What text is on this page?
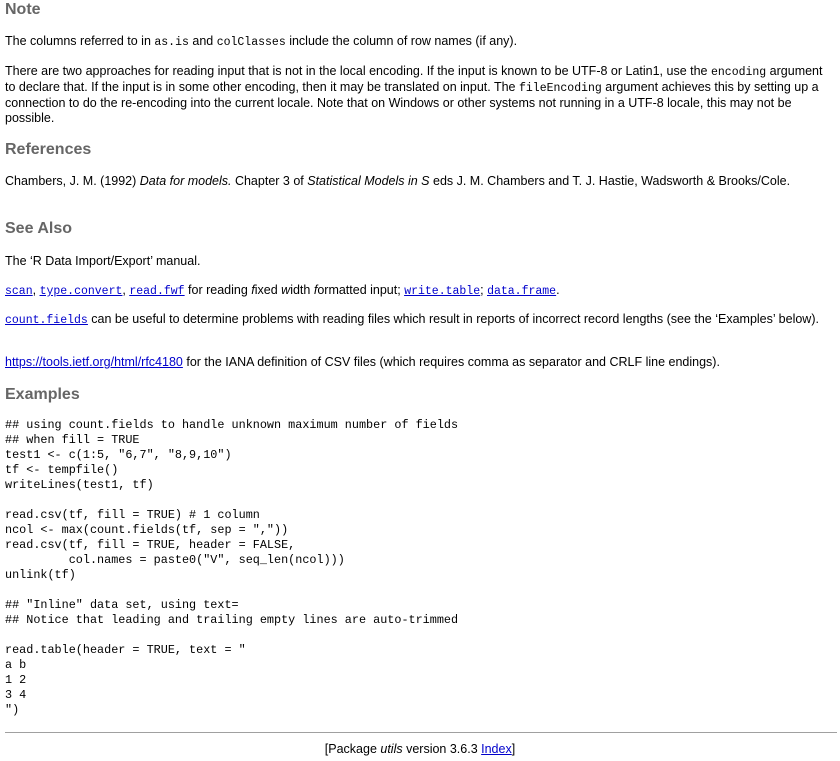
Note

The columns referred to in as.is and colClasses include the column of row names (if any).

There are two approaches for reading input that is not in the local encoding. If the input is known to be UTF-8 or Latin1, use the encoding argument to declare that. If the input is in some other encoding, then it may be translated on input. The fileEncoding argument achieves this by setting up a connection to do the re-encoding into the current locale. Note that on Windows or other systems not running in a UTF-8 locale, this may not be possible.

References

Chambers, J. M. (1992) Data for models. Chapter 3 of Statistical Models in S eds J. M. Chambers and T. J. Hastie, Wadsworth & Brooks/Cole.

See Also

The ‘R Data Import/Export’ manual.

scan, type.convert, read.fwf for reading fixed width formatted input; write.table; data.frame.

count.fields can be useful to determine problems with reading files which result in reports of incorrect record lengths (see the ‘Examples’ below).

https://tools.ietf.org/html/rfc4180 for the IANA definition of CSV files (which requires comma as separator and CRLF line endings).

Examples
## using count.fields to handle unknown maximum number of fields
## when fill = TRUE
test1 <- c(1:5, "6,7", "8,9,10")
tf <- tempfile()
writeLines(test1, tf)

read.csv(tf, fill = TRUE) # 1 column
ncol <- max(count.fields(tf, sep = ","))
read.csv(tf, fill = TRUE, header = FALSE,
col.names = paste0("V", seq_len(ncol)))
unlink(tf)

## "Inline" data set, using text=
## Notice that leading and trailing empty lines are auto-trimmed

read.table(header = TRUE, text = "
a b
1 2
3 4
")
[Package utils version 3.6.3 Index]
